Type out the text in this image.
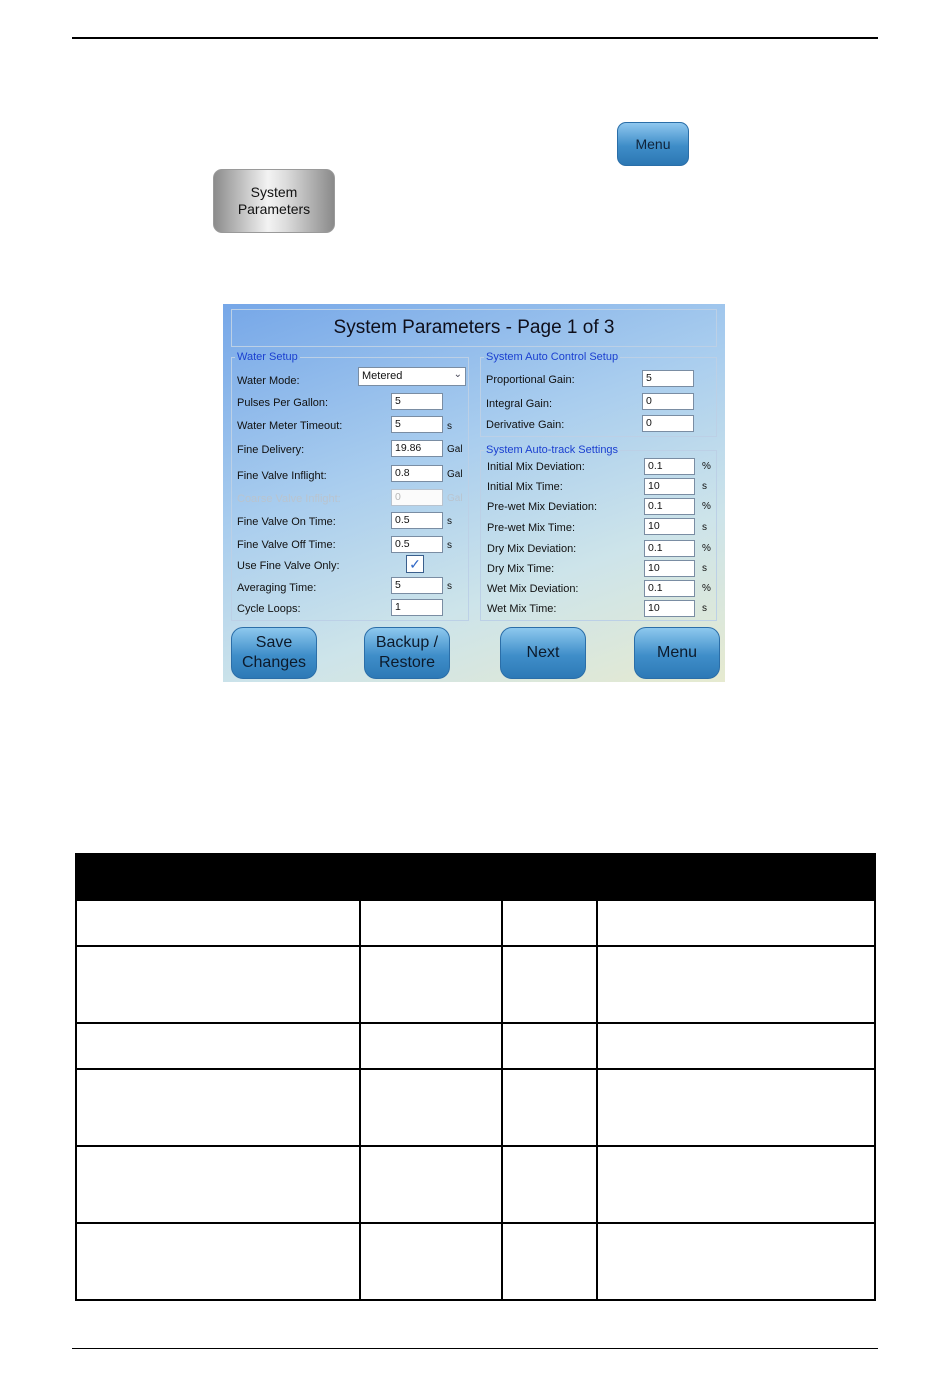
Menu
System Parameters
System Parameters - Page 1 of 3
Water Setup
Water Mode:	Metered	⌄
Pulses Per Gallon:	5
Water Meter Timeout:	5	s
Fine Delivery:	19.86	Gal
Fine Valve Inflight:	0.8	Gal
Coarse Valve Inflight:	0	Gal
Fine Valve On Time:	0.5	s
Fine Valve Off Time:	0.5	s
Use Fine Valve Only:	✓
Averaging Time:	5	s
Cycle Loops:	1
System Auto Control Setup
Proportional Gain:	5
Integral Gain:	0
Derivative Gain:	0
System Auto-track Settings
Initial Mix Deviation:	0.1	%
Initial Mix Time:	10	s
Pre-wet Mix Deviation:	0.1	%
Pre-wet Mix Time:	10	s
Dry Mix Deviation:	0.1	%
Dry Mix Time:	10	s
Wet Mix Deviation:	0.1	%
Wet Mix Time:	10	s
Save Changes
Backup / Restore
Next	Menu
